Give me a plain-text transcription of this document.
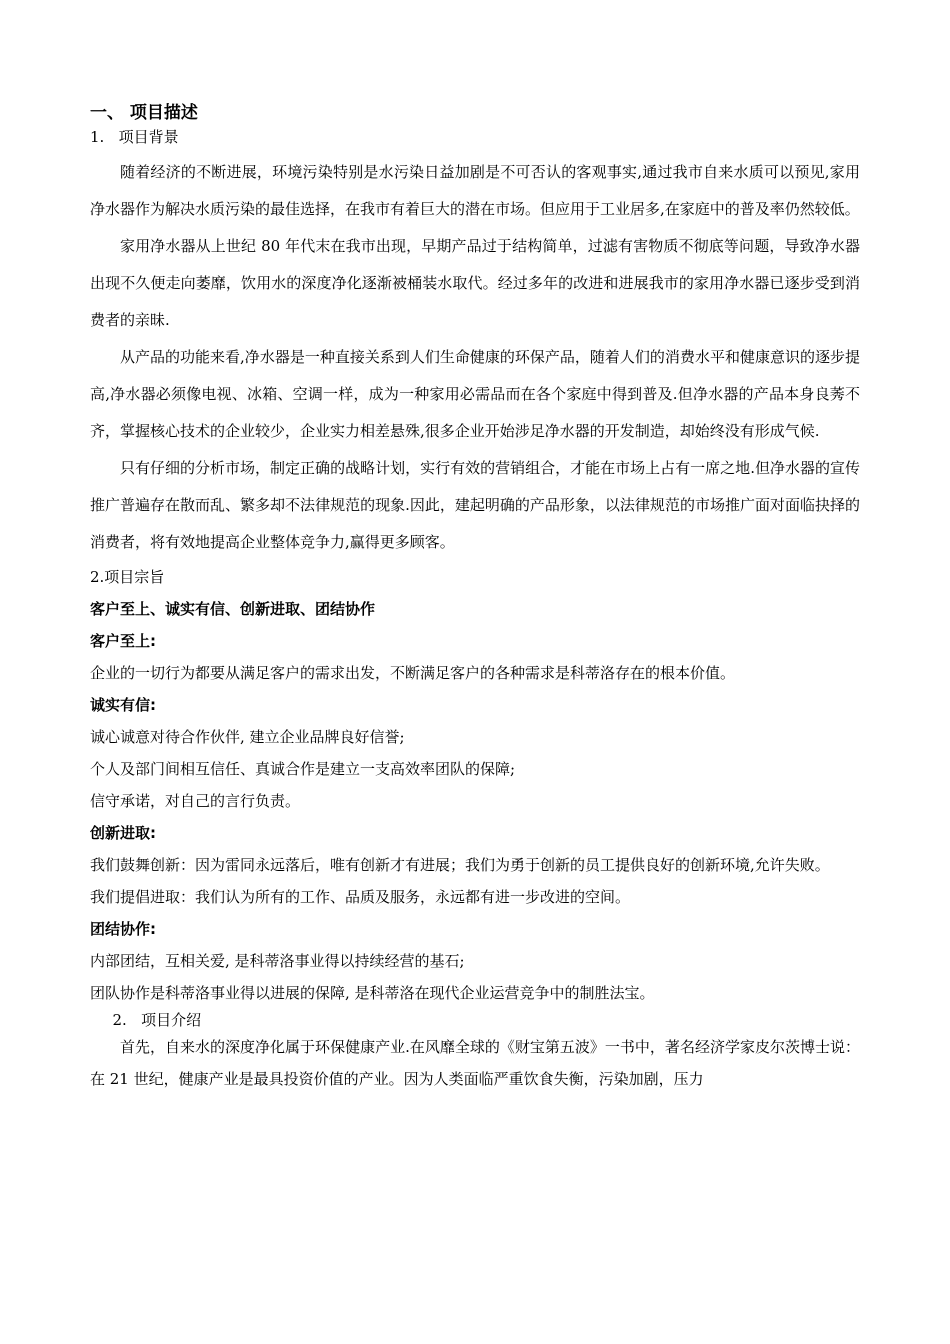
一、 项目描述

1.   项目背景

随着经济的不断进展，环境污染特别是水污染日益加剧是不可否认的客观事实,通过我市自来水质可以预见,家用净水器作为解决水质污染的最佳选择，在我市有着巨大的潜在市场。但应用于工业居多,在家庭中的普及率仍然较低。

家用净水器从上世纪 80 年代末在我市出现，早期产品过于结构简单，过滤有害物质不彻底等问题，导致净水器出现不久便走向萎靡，饮用水的深度净化逐渐被桶装水取代。经过多年的改进和进展我市的家用净水器已逐步受到消费者的亲昧.

从产品的功能来看,净水器是一种直接关系到人们生命健康的环保产品，随着人们的消费水平和健康意识的逐步提高,净水器必须像电视、冰箱、空调一样，成为一种家用必需品而在各个家庭中得到普及.但净水器的产品本身良莠不齐，掌握核心技术的企业较少，企业实力相差悬殊,很多企业开始涉足净水器的开发制造，却始终没有形成气候.

只有仔细的分析市场，制定正确的战略计划，实行有效的营销组合，才能在市场上占有一席之地.但净水器的宣传推广普遍存在散而乱、繁多却不法律规范的现象.因此，建起明确的产品形象，以法律规范的市场推广面对面临抉择的消费者，将有效地提高企业整体竞争力,赢得更多顾客。

2.项目宗旨

客户至上、诚实有信、创新进取、团结协作

客户至上:

企业的一切行为都要从满足客户的需求出发，不断满足客户的各种需求是科蒂洛存在的根本价值。

诚实有信:

诚心诚意对待合作伙伴, 建立企业品牌良好信誉;

个人及部门间相互信任、真诚合作是建立一支高效率团队的保障;

信守承诺，对自己的言行负责。

创新进取:

我们鼓舞创新：因为雷同永远落后，唯有创新才有进展；我们为勇于创新的员工提供良好的创新环境,允许失败。

我们提倡进取：我们认为所有的工作、品质及服务，永远都有进一步改进的空间。

团结协作:

内部团结，互相关爱, 是科蒂洛事业得以持续经营的基石;

团队协作是科蒂洛事业得以进展的保障, 是科蒂洛在现代企业运营竞争中的制胜法宝。

2.   项目介绍

首先，自来水的深度净化属于环保健康产业.在风靡全球的《财宝第五波》一书中，著名经济学家皮尔茨博士说：在 21 世纪，健康产业是最具投资价值的产业。因为人类面临严重饮食失衡，污染加剧，压力
